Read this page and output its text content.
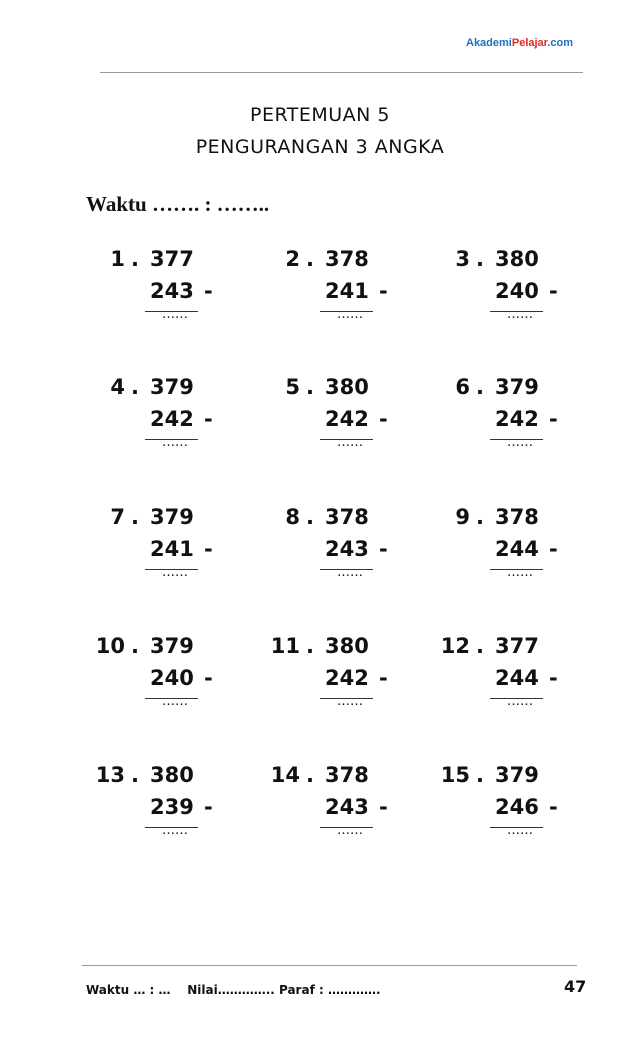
AkademiPelajar.com
PERTEMUAN 5
PENGURANGAN 3 ANGKA
Waktu ……. : ……..
1 . 377
243 -
……
2 . 378
241 -
……
3 . 380
240 -
……
4 . 379
242 -
……
5 . 380
242 -
……
6 . 379
242 -
……
7 . 379
241 -
……
8 . 378
243 -
……
9 . 378
244 -
……
10 . 379
240 -
……
11 . 380
242 -
……
12 . 377
244 -
……
13 . 380
239 -
……
14 . 378
243 -
……
15 . 379
246 -
……
Waktu … : …    Nilai………….. Paraf : ………….	47
